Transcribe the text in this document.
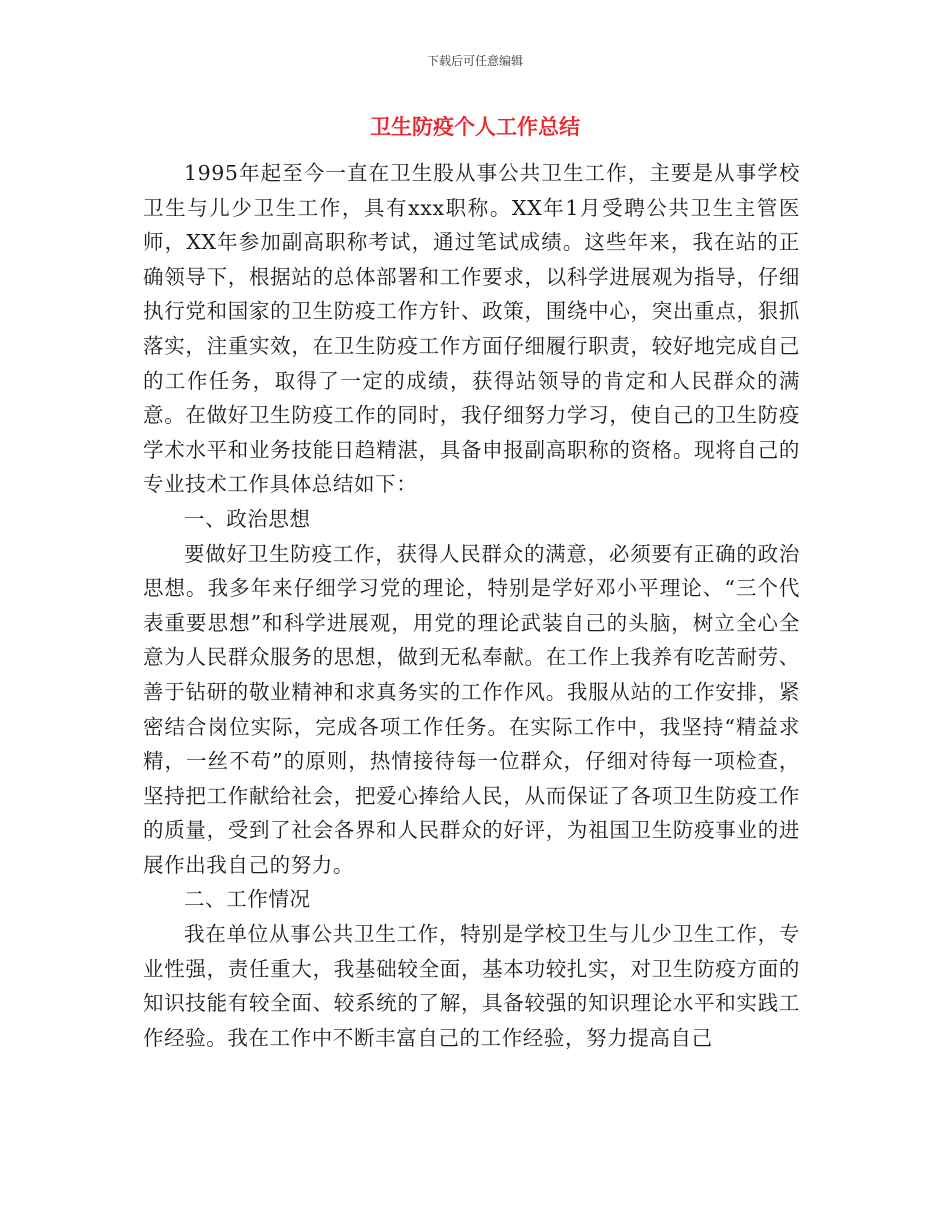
下载后可任意编辑
卫生防疫个人工作总结

1995年起至今一直在卫生股从事公共卫生工作，主要是从事学校卫生与儿少卫生工作，具有xxx职称。XX年1月受聘公共卫生主管医师，XX年参加副高职称考试，通过笔试成绩。这些年来，我在站的正确领导下，根据站的总体部署和工作要求，以科学进展观为指导，仔细执行党和国家的卫生防疫工作方针、政策，围绕中心，突出重点，狠抓落实，注重实效，在卫生防疫工作方面仔细履行职责，较好地完成自己的工作任务，取得了一定的成绩，获得站领导的肯定和人民群众的满意。在做好卫生防疫工作的同时，我仔细努力学习，使自己的卫生防疫学术水平和业务技能日趋精湛，具备申报副高职称的资格。现将自己的专业技术工作具体总结如下：

一、政治思想

要做好卫生防疫工作，获得人民群众的满意，必须要有正确的政治思想。我多年来仔细学习党的理论，特别是学好邓小平理论、“三个代表重要思想”和科学进展观，用党的理论武装自己的头脑，树立全心全意为人民群众服务的思想，做到无私奉献。在工作上我养有吃苦耐劳、善于钻研的敬业精神和求真务实的工作作风。我服从站的工作安排，紧密结合岗位实际，完成各项工作任务。在实际工作中，我坚持“精益求精，一丝不苟”的原则，热情接待每一位群众，仔细对待每一项检查，坚持把工作献给社会，把爱心捧给人民，从而保证了各项卫生防疫工作的质量，受到了社会各界和人民群众的好评，为祖国卫生防疫事业的进展作出我自己的努力。

二、工作情况

我在单位从事公共卫生工作，特别是学校卫生与儿少卫生工作，专业性强，责任重大，我基础较全面，基本功较扎实，对卫生防疫方面的知识技能有较全面、较系统的了解，具备较强的知识理论水平和实践工作经验。我在工作中不断丰富自己的工作经验，努力提高自己
